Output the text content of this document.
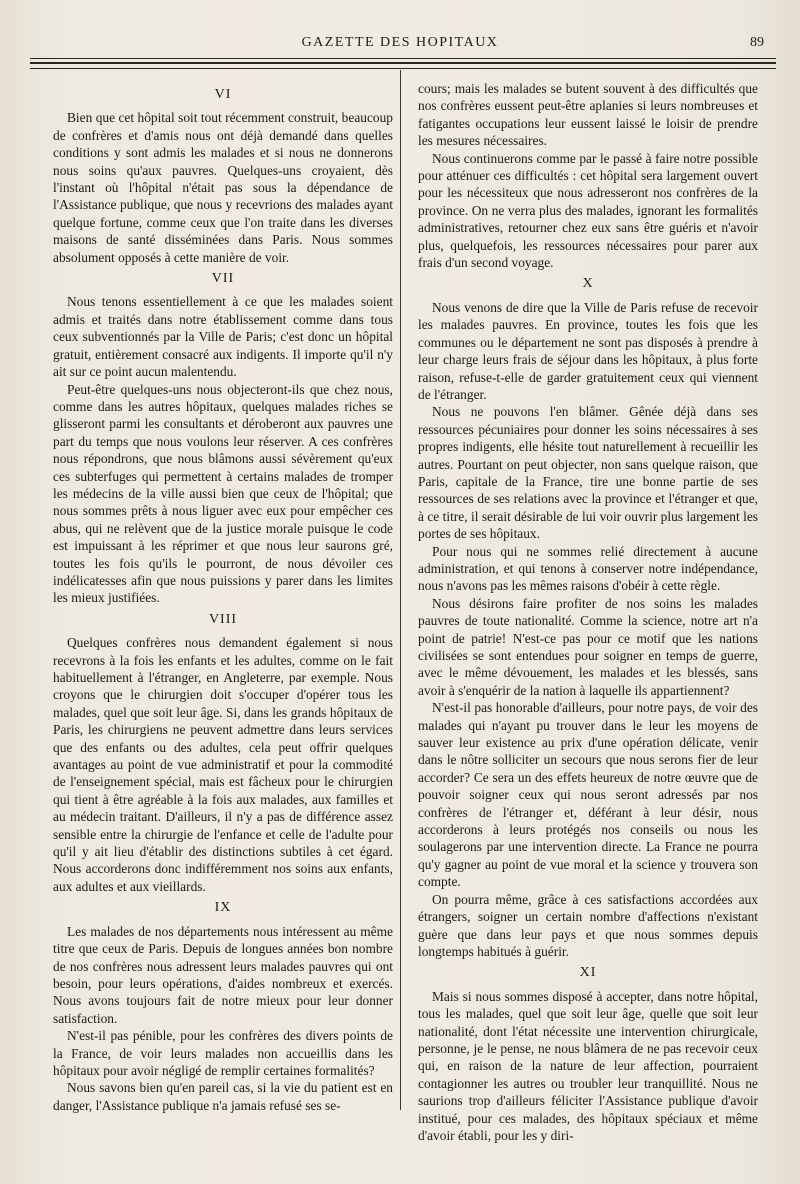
GAZETTE DES HOPITAUX	89
VI

Bien que cet hôpital soit tout récemment construit, beaucoup de confrères et d'amis nous ont déjà demandé dans quelles conditions y sont admis les malades et si nous ne donnerons nous soins qu'aux pauvres. Quelques-uns croyaient, dès l'instant où l'hôpital n'était pas sous la dépendance de l'Assistance publique, que nous y recevrions des malades ayant quelque fortune, comme ceux que l'on traite dans les diverses maisons de santé disséminées dans Paris. Nous sommes absolument opposés à cette manière de voir.

VII

Nous tenons essentiellement à ce que les malades soient admis et traités dans notre établissement comme dans tous ceux subventionnés par la Ville de Paris; c'est donc un hôpital gratuit, entièrement consacré aux indigents. Il importe qu'il n'y ait sur ce point aucun malentendu.

Peut-être quelques-uns nous objecteront-ils que chez nous, comme dans les autres hôpitaux, quelques malades riches se glisseront parmi les consultants et déroberont aux pauvres une part du temps que nous voulons leur réserver. A ces confrères nous répondrons, que nous blâmons aussi sévèrement qu'eux ces subterfuges qui permettent à certains malades de tromper les médecins de la ville aussi bien que ceux de l'hôpital; que nous sommes prêts à nous liguer avec eux pour empêcher ces abus, qui ne relèvent que de la justice morale puisque le code est impuissant à les réprimer et que nous leur saurons gré, toutes les fois qu'ils le pourront, de nous dévoiler ces indélicatesses afin que nous puissions y parer dans les limites les mieux justifiées.

VIII

Quelques confrères nous demandent également si nous recevrons à la fois les enfants et les adultes, comme on le fait habituellement à l'étranger, en Angleterre, par exemple. Nous croyons que le chirurgien doit s'occuper d'opérer tous les malades, quel que soit leur âge. Si, dans les grands hôpitaux de Paris, les chirurgiens ne peuvent admettre dans leurs services que des enfants ou des adultes, cela peut offrir quelques avantages au point de vue administratif et pour la commodité de l'enseignement spécial, mais est fâcheux pour le chirurgien qui tient à être agréable à la fois aux malades, aux familles et au médecin traitant. D'ailleurs, il n'y a pas de différence assez sensible entre la chirurgie de l'enfance et celle de l'adulte pour qu'il y ait lieu d'établir des distinctions subtiles à cet égard. Nous accorderons donc indifféremment nos soins aux enfants, aux adultes et aux vieillards.

IX

Les malades de nos départements nous intéressent au même titre que ceux de Paris. Depuis de longues années bon nombre de nos confrères nous adressent leurs malades pauvres qui ont besoin, pour leurs opérations, d'aides nombreux et exercés. Nous avons toujours fait de notre mieux pour leur donner satisfaction.

N'est-il pas pénible, pour les confrères des divers points de la France, de voir leurs malades non accueillis dans les hôpitaux pour avoir négligé de remplir certaines formalités?

Nous savons bien qu'en pareil cas, si la vie du patient est en danger, l'Assistance publique n'a jamais refusé ses se-

cours; mais les malades se butent souvent à des difficultés que nos confrères eussent peut-être aplanies si leurs nombreuses et fatigantes occupations leur eussent laissé le loisir de prendre les mesures nécessaires.

Nous continuerons comme par le passé à faire notre possible pour atténuer ces difficultés : cet hôpital sera largement ouvert pour les nécessiteux que nous adresseront nos confrères de la province. On ne verra plus des malades, ignorant les formalités administratives, retourner chez eux sans être guéris et n'avoir plus, quelquefois, les ressources nécessaires pour parer aux frais d'un second voyage.

X

Nous venons de dire que la Ville de Paris refuse de recevoir les malades pauvres. En province, toutes les fois que les communes ou le département ne sont pas disposés à prendre à leur charge leurs frais de séjour dans les hôpitaux, à plus forte raison, refuse-t-elle de garder gratuitement ceux qui viennent de l'étranger.

Nous ne pouvons l'en blâmer. Gênée déjà dans ses ressources pécuniaires pour donner les soins nécessaires à ses propres indigents, elle hésite tout naturellement à recueillir les autres. Pourtant on peut objecter, non sans quelque raison, que Paris, capitale de la France, tire une bonne partie de ses ressources de ses relations avec la province et l'étranger et que, à ce titre, il serait désirable de lui voir ouvrir plus largement les portes de ses hôpitaux.

Pour nous qui ne sommes relié directement à aucune administration, et qui tenons à conserver notre indépendance, nous n'avons pas les mêmes raisons d'obéir à cette règle.

Nous désirons faire profiter de nos soins les malades pauvres de toute nationalité. Comme la science, notre art n'a point de patrie! N'est-ce pas pour ce motif que les nations civilisées se sont entendues pour soigner en temps de guerre, avec le même dévouement, les malades et les blessés, sans avoir à s'enquérir de la nation à laquelle ils appartiennent?

N'est-il pas honorable d'ailleurs, pour notre pays, de voir des malades qui n'ayant pu trouver dans le leur les moyens de sauver leur existence au prix d'une opération délicate, venir dans le nôtre solliciter un secours que nous serons fier de leur accorder? Ce sera un des effets heureux de notre œuvre que de pouvoir soigner ceux qui nous seront adressés par nos confrères de l'étranger et, déférant à leur désir, nous accorderons à leurs protégés nos conseils ou nous les soulagerons par une intervention directe. La France ne pourra qu'y gagner au point de vue moral et la science y trouvera son compte.

On pourra même, grâce à ces satisfactions accordées aux étrangers, soigner un certain nombre d'affections n'existant guère que dans leur pays et que nous sommes depuis longtemps habitués à guérir.

XI

Mais si nous sommes disposé à accepter, dans notre hôpital, tous les malades, quel que soit leur âge, quelle que soit leur nationalité, dont l'état nécessite une intervention chirurgicale, personne, je le pense, ne nous blâmera de ne pas recevoir ceux qui, en raison de la nature de leur affection, pourraient contagionner les autres ou troubler leur tranquillité. Nous ne saurions trop d'ailleurs féliciter l'Assistance publique d'avoir institué, pour ces malades, des hôpitaux spéciaux et même d'avoir établi, pour les y diri-
